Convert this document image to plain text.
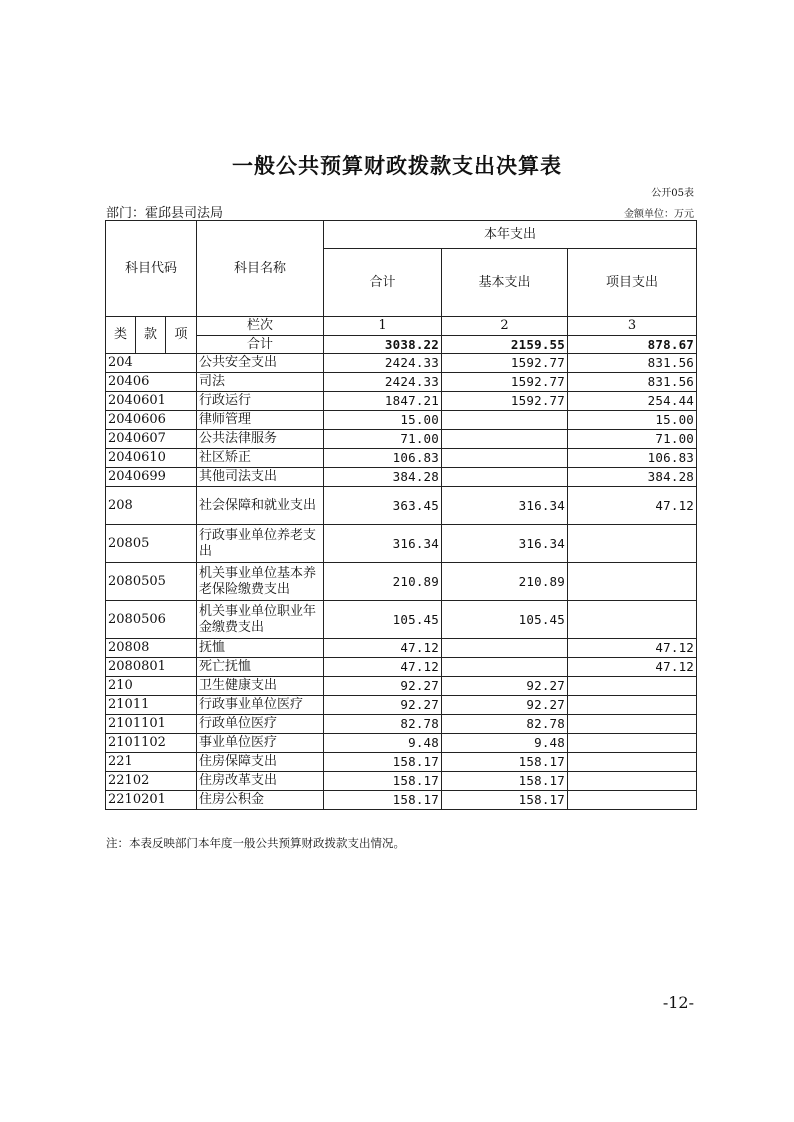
一般公共预算财政拨款支出决算表
公开05表
部门：霍邱县司法局	金额单位：万元
科目代码			科目名称	本年支出		
				合计	基本支出	项目支出
类	款	项	栏次	1	2	3
			合计	3038.22	2159.55	878.67
204			公共安全支出	2424.33	1592.77	831.56
20406			司法	2424.33	1592.77	831.56
2040601			行政运行	1847.21	1592.77	254.44
2040606			律师管理	15.00		15.00
2040607			公共法律服务	71.00		71.00
2040610			社区矫正	106.83		106.83
2040699			其他司法支出	384.28		384.28
208			社会保障和就业支出	363.45	316.34	47.12
20805			行政事业单位养老支出	316.34	316.34	
2080505			机关事业单位基本养老保险缴费支出	210.89	210.89	
2080506			机关事业单位职业年金缴费支出	105.45	105.45	
20808			抚恤	47.12		47.12
2080801			死亡抚恤	47.12		47.12
210			卫生健康支出	92.27	92.27	
21011			行政事业单位医疗	92.27	92.27	
2101101			行政单位医疗	82.78	82.78	
2101102			事业单位医疗	9.48	9.48	
221			住房保障支出	158.17	158.17	
22102			住房改革支出	158.17	158.17	
2210201			住房公积金	158.17	158.17	
注：本表反映部门本年度一般公共预算财政拨款支出情况。
-12-
